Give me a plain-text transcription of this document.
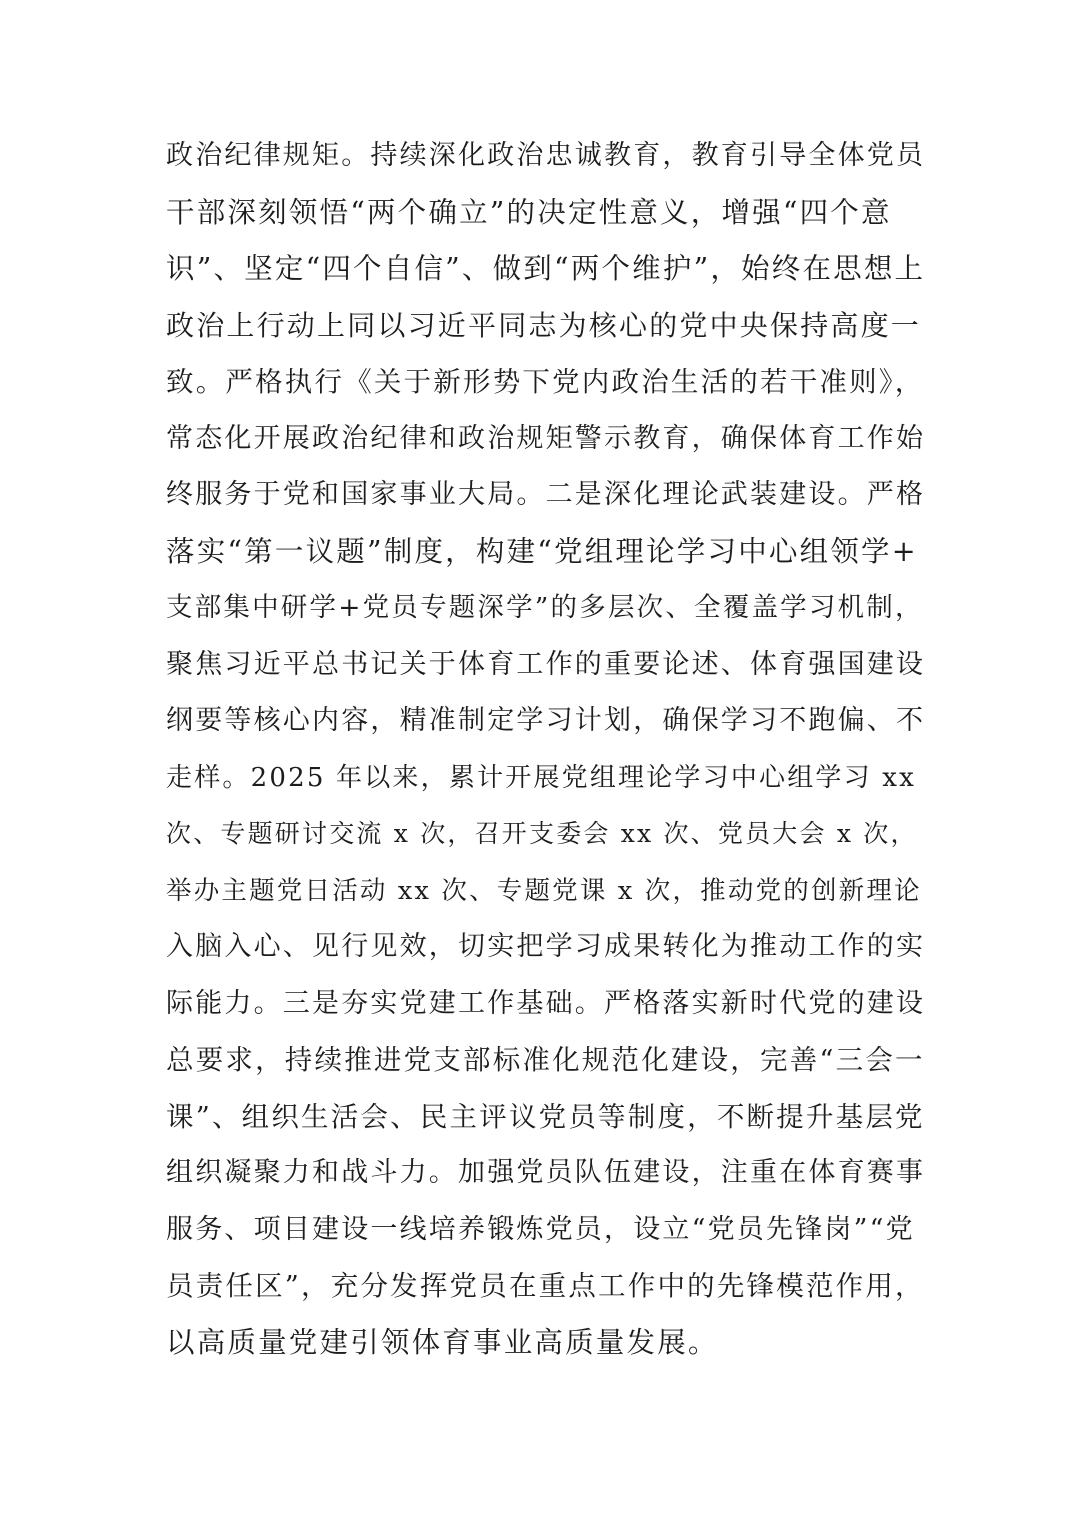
政治纪律规矩。持续深化政治忠诚教育，教育引导全体党员
干部深刻领悟“两个确立”的决定性意义，增强“四个意
识”、坚定“四个自信”、做到“两个维护”，始终在思想上
政治上行动上同以习近平同志为核心的党中央保持高度一
致。严格执行《关于新形势下党内政治生活的若干准则》，
常态化开展政治纪律和政治规矩警示教育，确保体育工作始
终服务于党和国家事业大局。二是深化理论武装建设。严格
落实“第一议题”制度，构建“党组理论学习中心组领学+
支部集中研学+党员专题深学”的多层次、全覆盖学习机制，
聚焦习近平总书记关于体育工作的重要论述、体育强国建设
纲要等核心内容，精准制定学习计划，确保学习不跑偏、不
走样。2025 年以来，累计开展党组理论学习中心组学习 xx
次、专题研讨交流 x 次，召开支委会 xx 次、党员大会 x 次，
举办主题党日活动 xx 次、专题党课 x 次，推动党的创新理论
入脑入心、见行见效，切实把学习成果转化为推动工作的实
际能力。三是夯实党建工作基础。严格落实新时代党的建设
总要求，持续推进党支部标准化规范化建设，完善“三会一
课”、组织生活会、民主评议党员等制度，不断提升基层党
组织凝聚力和战斗力。加强党员队伍建设，注重在体育赛事
服务、项目建设一线培养锻炼党员，设立“党员先锋岗”“党
员责任区”，充分发挥党员在重点工作中的先锋模范作用，
以高质量党建引领体育事业高质量发展。
